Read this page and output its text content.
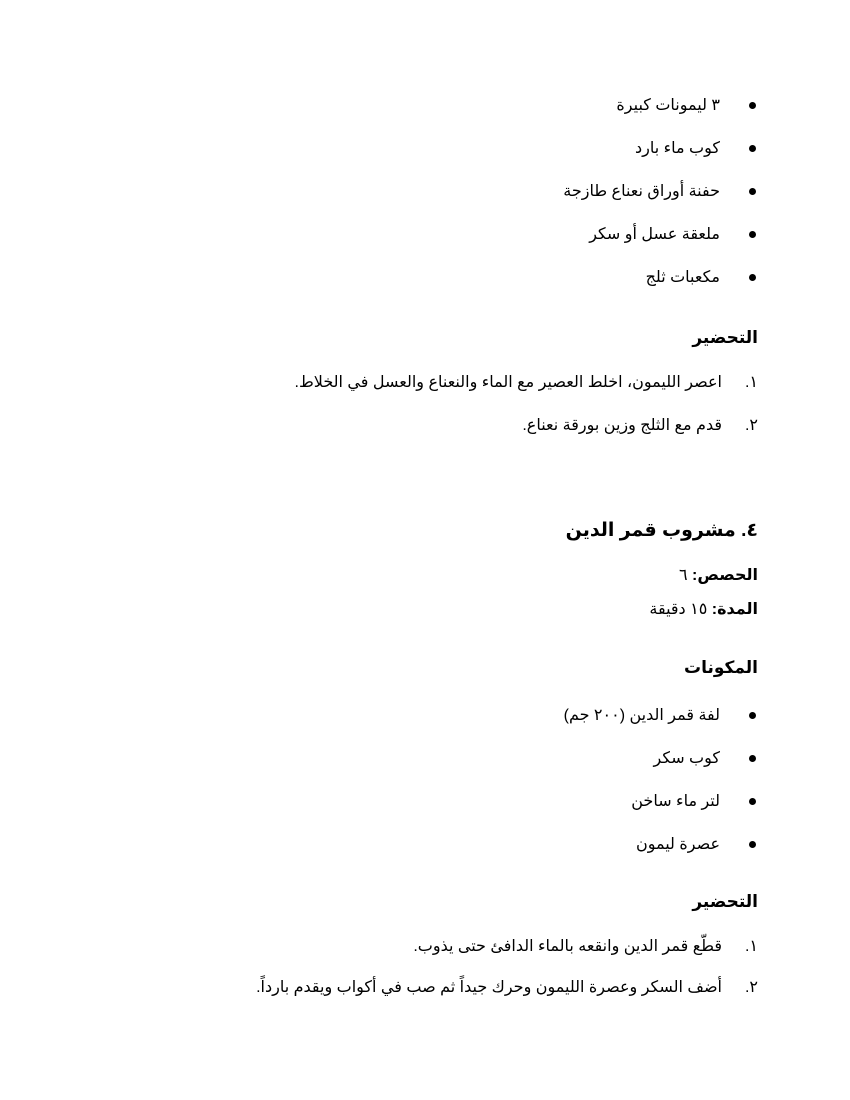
٣ ليمونات كبيرة
كوب ماء بارد
حفنة أوراق نعناع طازجة
ملعقة عسل أو سكر
مكعبات ثلج
التحضير
١.
اعصر الليمون، اخلط العصير مع الماء والنعناع والعسل في الخلاط.
٢.
قدم مع الثلج وزين بورقة نعناع.
٤. مشروب قمر الدين
الحصص: ٦
المدة: ١٥ دقيقة
المكونات
لفة قمر الدين (٢٠٠ جم)
كوب سكر
لتر ماء ساخن
عصرة ليمون
التحضير
١.
قطّع قمر الدين وانقعه بالماء الدافئ حتى يذوب.
٢.
أضف السكر وعصرة الليمون وحرك جيداً ثم صب في أكواب ويقدم بارداً.
